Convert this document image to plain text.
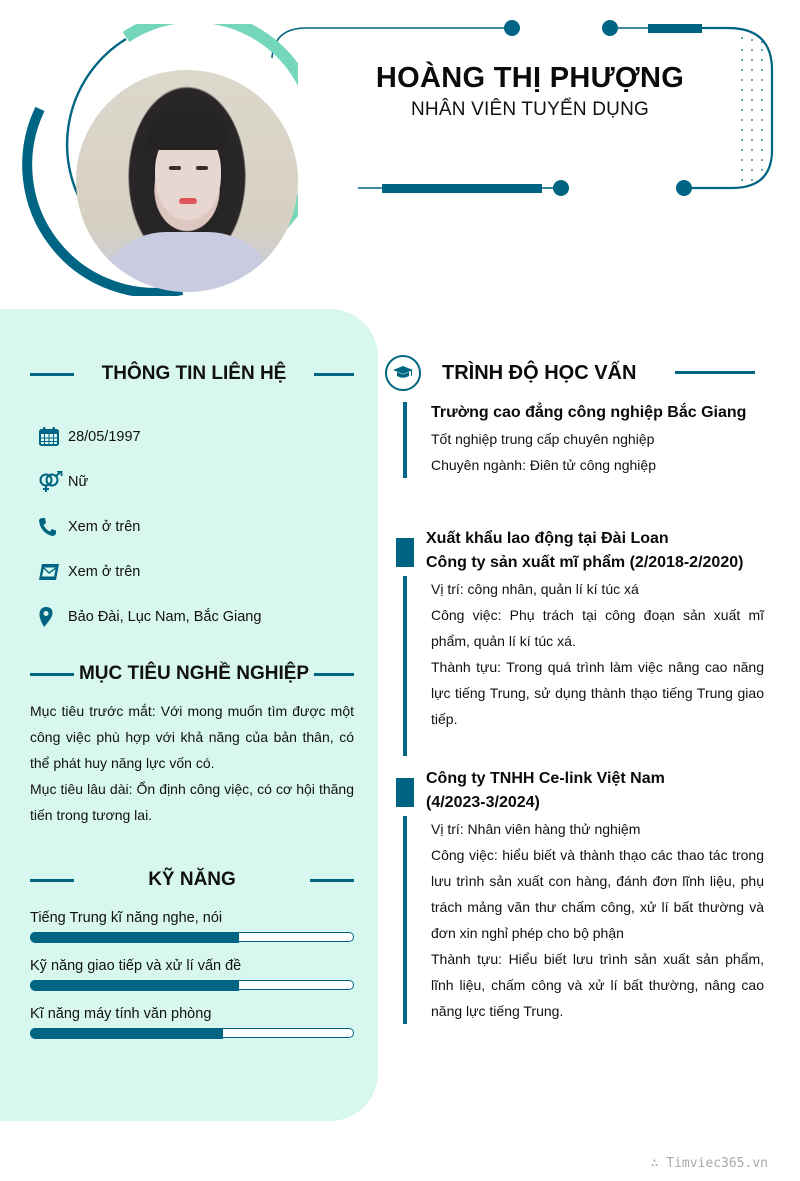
HOÀNG THỊ PHƯỢNG
NHÂN VIÊN TUYỂN DỤNG
THÔNG TIN LIÊN HỆ
28/05/1997
Nữ
Xem ở trên
Xem ở trên
Bảo Đài, Lục Nam, Bắc Giang
MỤC TIÊU NGHỀ NGHIỆP
Mục tiêu trước mắt: Với mong muốn tìm được một công việc phù hợp với khả năng của bản thân, có thể phát huy năng lực vốn có.
Mục tiêu lâu dài: Ổn định công việc, có cơ hội thăng tiến trong tương lai.
KỸ NĂNG
Tiếng Trung kĩ năng nghe, nói
Kỹ năng giao tiếp và xử lí vấn đề
Kĩ năng máy tính văn phòng
TRÌNH ĐỘ HỌC VẤN
Trường cao đẳng công nghiệp Bắc Giang
Tốt nghiệp trung cấp chuyên nghiệp
Chuyên ngành: Điên tử công nghiệp
Xuất khẩu lao động tại Đài Loan
Công ty sản xuất mĩ phẩm (2/2018-2/2020)
Vị trí: công nhân, quản lí kí túc xá
Công việc: Phụ trách tại công đoạn sản xuất mĩ phẩm, quản lí kí túc xá.
Thành tựu: Trong quá trình làm việc nâng cao năng lực tiếng Trung, sử dụng thành thạo tiếng Trung giao tiếp.
Công ty TNHH Ce-link Việt Nam
(4/2023-3/2024)
Vị trí: Nhân viên hàng thử nghiệm
Công việc: hiểu biết và thành thạo các thao tác trong lưu trình sản xuất con hàng, đánh đơn lĩnh liệu, phụ trách mảng văn thư chấm công, xử lí bất thường và đơn xin nghỉ phép cho bộ phận
Thành tựu: Hiểu biết lưu trình sản xuất sản phẩm, lĩnh liệu, chấm công và xử lí bất thường, nâng cao năng lực tiếng Trung.
∴ Timviec365.vn
